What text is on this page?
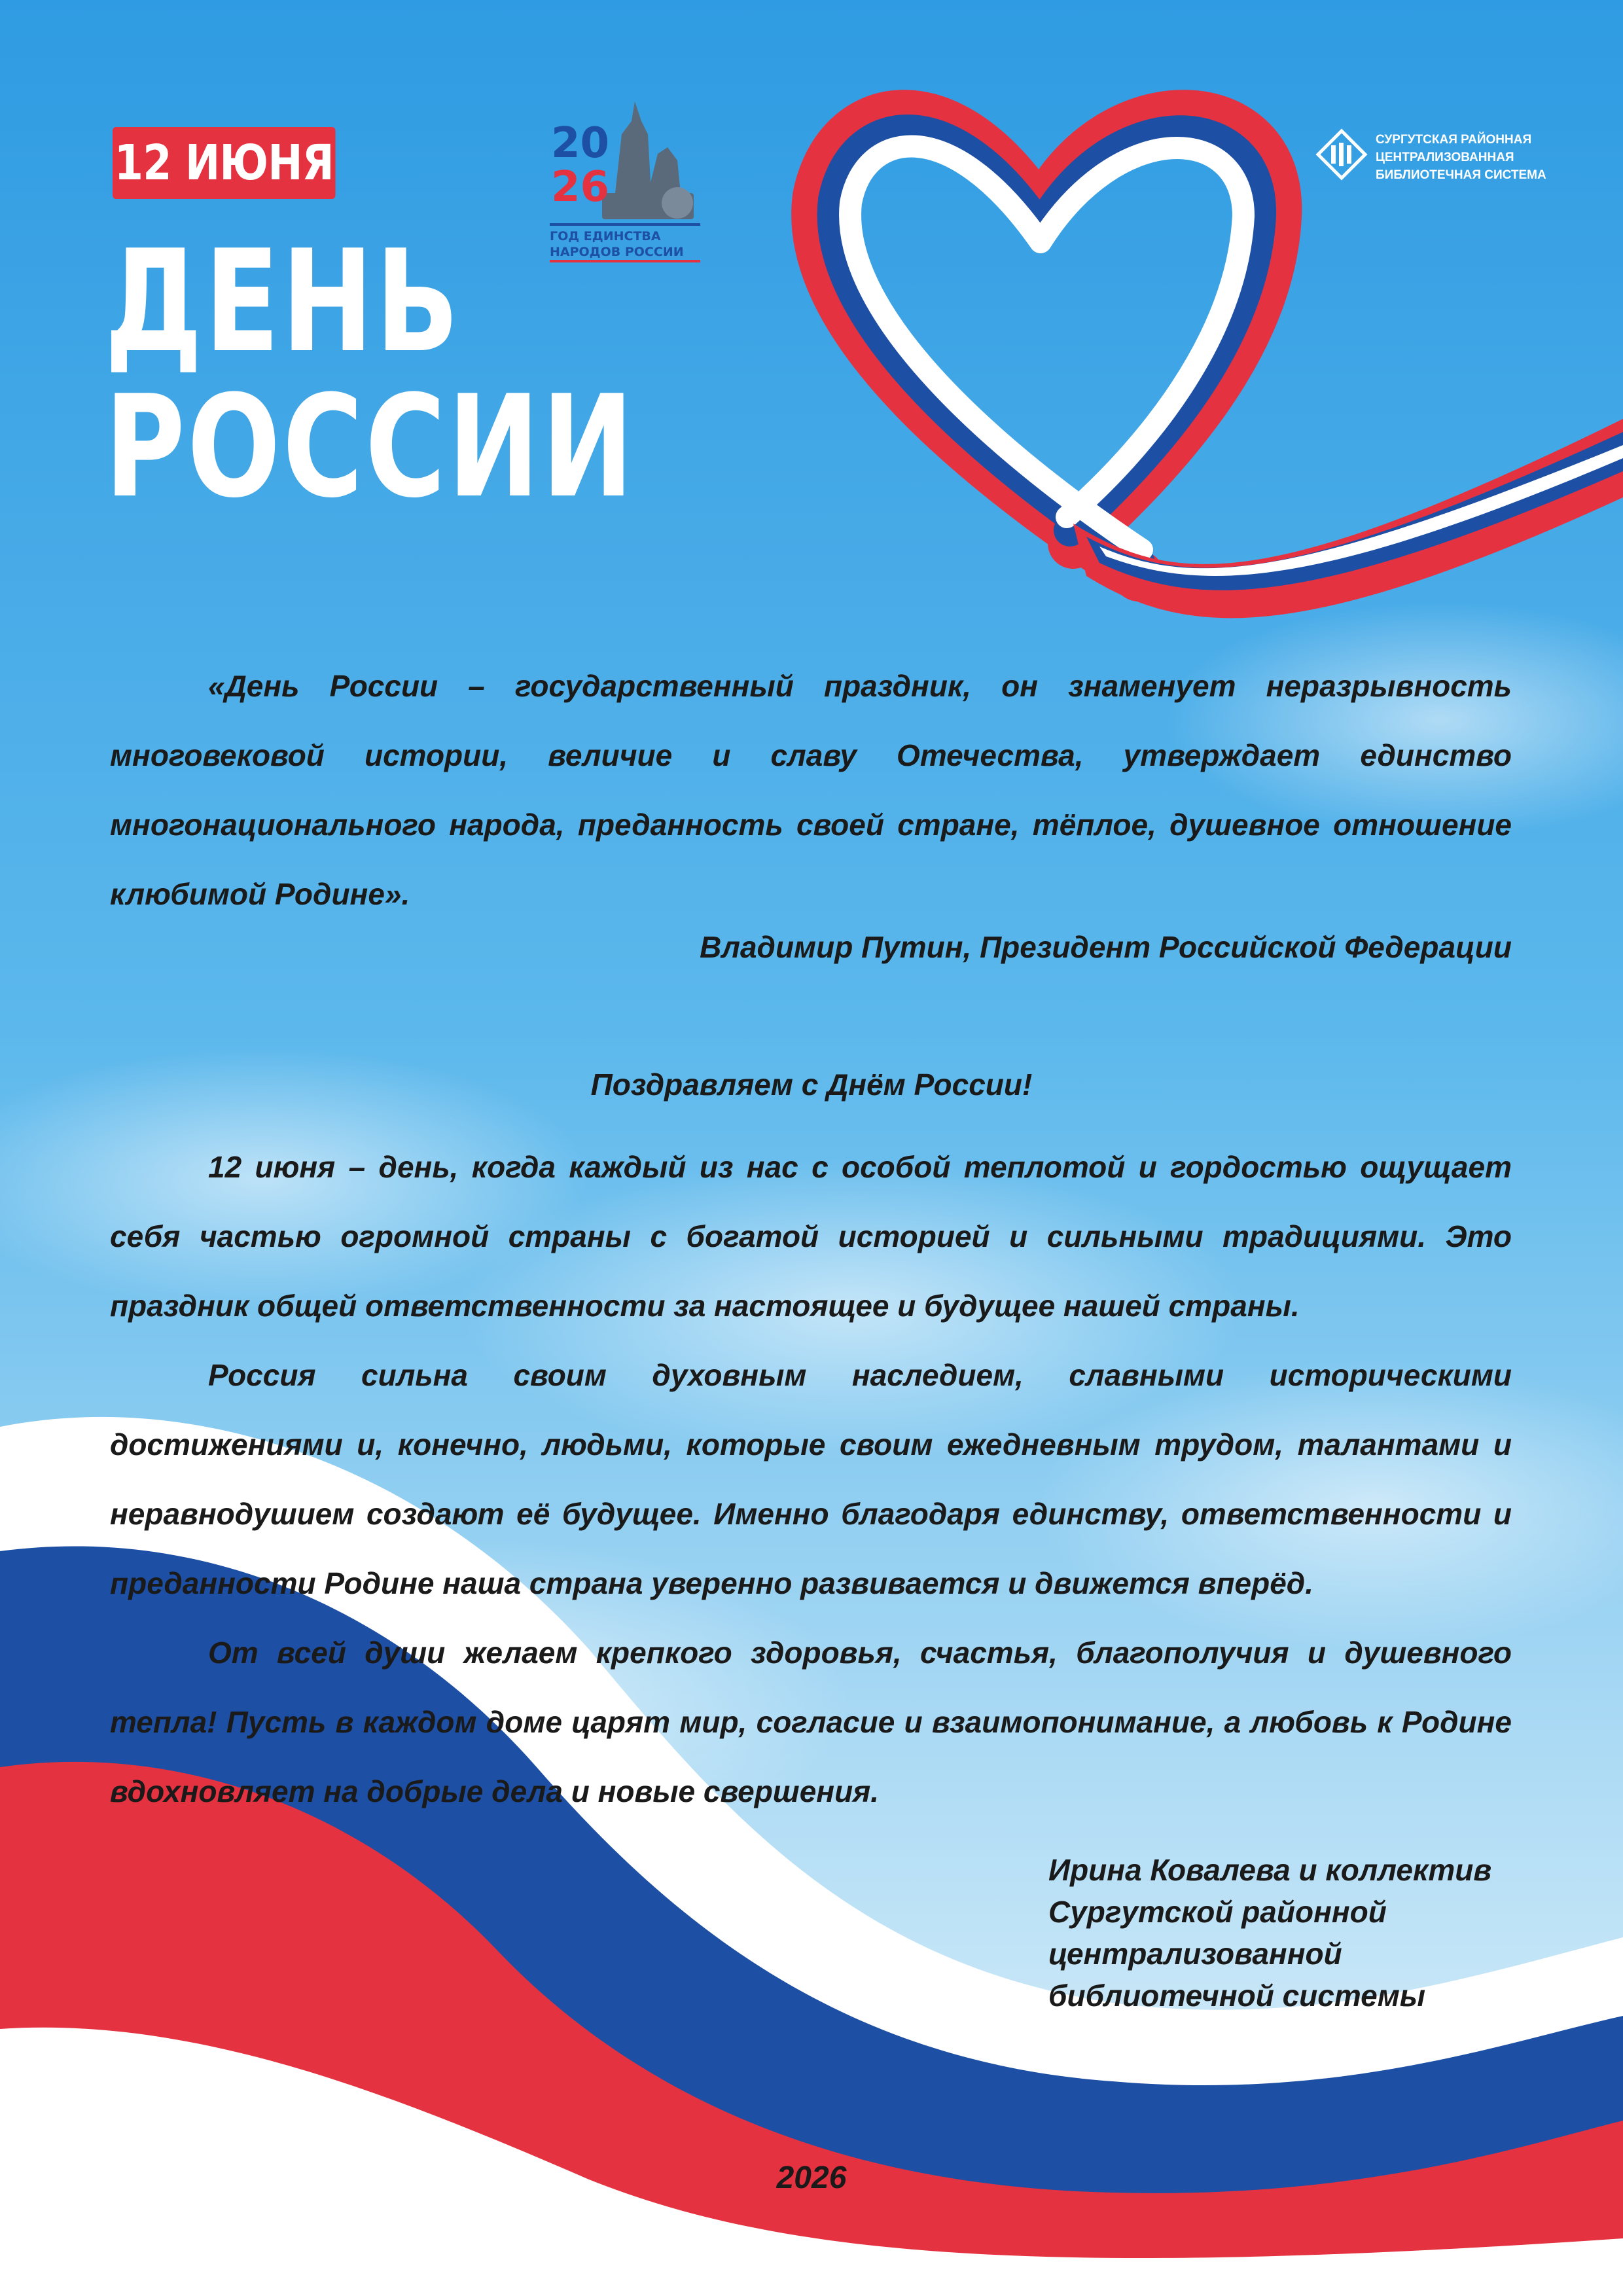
12 ИЮНЯ
ДЕНЬ
РОССИИ
20
26
ГОД ЕДИНСТВА
НАРОДОВ РОССИИ
СУРГУТСКАЯ РАЙОННАЯ
ЦЕНТРАЛИЗОВАННАЯ
БИБЛИОТЕЧНАЯ СИСТЕМА

«День России – государственный праздник, он знаменует неразрывность многовековой истории, величие и славу Отечества, утверждает единство многонационального народа, преданность своей стране, тёплое, душевное отношение клюбимой Родине».

Владимир Путин, Президент Российской Федерации
Поздравляем с Днём России!

12 июня – день, когда каждый из нас с особой теплотой и гордостью ощущает себя частью огромной страны с богатой историей и сильными традициями. Это праздник общей ответственности за настоящее и будущее нашей страны.

Россия сильна своим духовным наследием, славными историческими достижениями и, конечно, людьми, которые своим ежедневным трудом, талантами и неравнодушием создают её будущее. Именно благодаря единству, ответственности и преданности Родине наша страна уверенно развивается и движется вперёд.

От всей души желаем крепкого здоровья, счастья, благополучия и душевного тепла! Пусть в каждом доме царят мир, согласие и взаимопонимание, а любовь к Родине вдохновляет на добрые дела и новые свершения.

Ирина Ковалева и коллектив
Сургутской районной
централизованной
библиотечной системы
2026
